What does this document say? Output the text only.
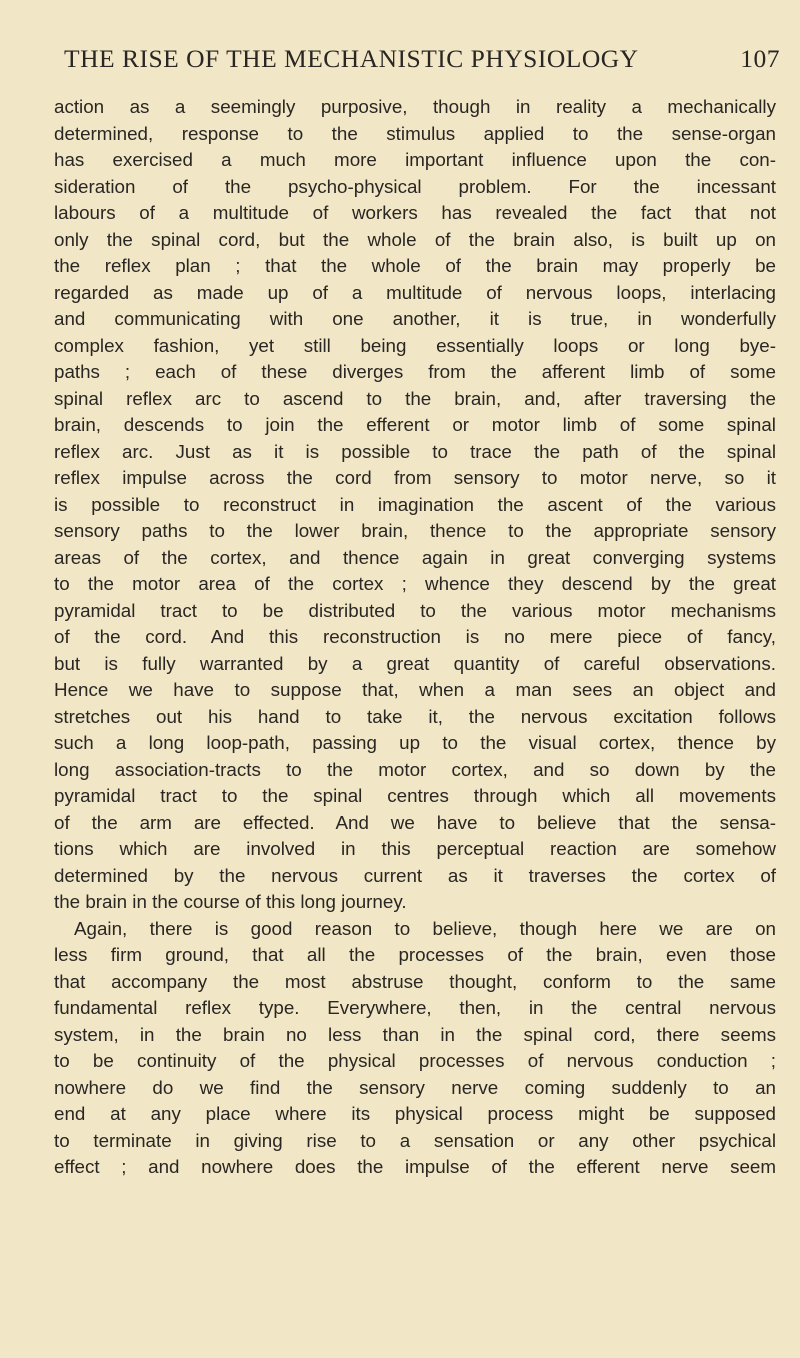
THE RISE OF THE MECHANISTIC PHYSIOLOGY	107
action as a seemingly purposive, though in reality a mechanically
determined, response to the stimulus applied to the sense-organ
has exercised a much more important influence upon the con-
sideration of the psycho-physical problem. For the incessant
labours of a multitude of workers has revealed the fact that not
only the spinal cord, but the whole of the brain also, is built up on
the reflex plan ; that the whole of the brain may properly be
regarded as made up of a multitude of nervous loops, interlacing
and communicating with one another, it is true, in wonderfully
complex fashion, yet still being essentially loops or long bye-
paths ; each of these diverges from the afferent limb of some
spinal reflex arc to ascend to the brain, and, after traversing the
brain, descends to join the efferent or motor limb of some spinal
reflex arc. Just as it is possible to trace the path of the spinal
reflex impulse across the cord from sensory to motor nerve, so it
is possible to reconstruct in imagination the ascent of the various
sensory paths to the lower brain, thence to the appropriate sensory
areas of the cortex, and thence again in great converging systems
to the motor area of the cortex ; whence they descend by the great
pyramidal tract to be distributed to the various motor mechanisms
of the cord. And this reconstruction is no mere piece of fancy,
but is fully warranted by a great quantity of careful observations.
Hence we have to suppose that, when a man sees an object and
stretches out his hand to take it, the nervous excitation follows
such a long loop-path, passing up to the visual cortex, thence by
long association-tracts to the motor cortex, and so down by the
pyramidal tract to the spinal centres through which all movements
of the arm are effected. And we have to believe that the sensa-
tions which are involved in this perceptual reaction are somehow
determined by the nervous current as it traverses the cortex of
the brain in the course of this long journey.
Again, there is good reason to believe, though here we are on
less firm ground, that all the processes of the brain, even those
that accompany the most abstruse thought, conform to the same
fundamental reflex type. Everywhere, then, in the central nervous
system, in the brain no less than in the spinal cord, there seems
to be continuity of the physical processes of nervous conduction ;
nowhere do we find the sensory nerve coming suddenly to an
end at any place where its physical process might be supposed
to terminate in giving rise to a sensation or any other psychical
effect ; and nowhere does the impulse of the efferent nerve seem
